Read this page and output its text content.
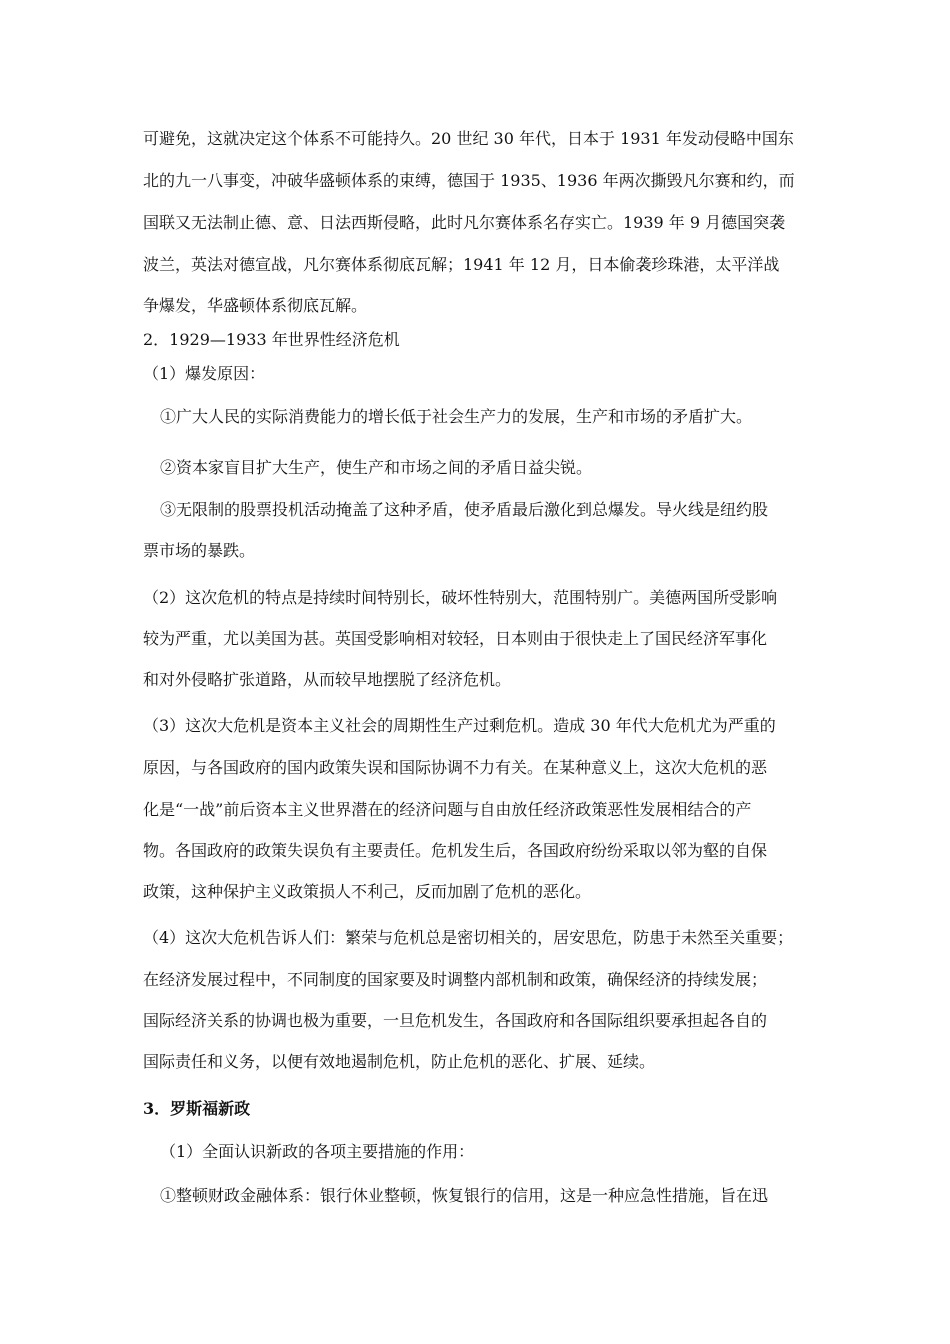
可避免，这就决定这个体系不可能持久。20 世纪 30 年代，日本于 1931 年发动侵略中国东
北的九一八事变，冲破华盛顿体系的束缚，德国于 1935、1936 年两次撕毁凡尔赛和约，而
国联又无法制止德、意、日法西斯侵略，此时凡尔赛体系名存实亡。1939 年 9 月德国突袭
波兰，英法对德宣战，凡尔赛体系彻底瓦解；1941 年 12 月，日本偷袭珍珠港，太平洋战
争爆发，华盛顿体系彻底瓦解。
2．1929—1933 年世界性经济危机
（1）爆发原因：
①广大人民的实际消费能力的增长低于社会生产力的发展，生产和市场的矛盾扩大。
②资本家盲目扩大生产，使生产和市场之间的矛盾日益尖锐。
③无限制的股票投机活动掩盖了这种矛盾，使矛盾最后激化到总爆发。导火线是纽约股
票市场的暴跌。
（2）这次危机的特点是持续时间特别长，破坏性特别大，范围特别广。美德两国所受影响
较为严重，尤以美国为甚。英国受影响相对较轻，日本则由于很快走上了国民经济军事化
和对外侵略扩张道路，从而较早地摆脱了经济危机。
（3）这次大危机是资本主义社会的周期性生产过剩危机。造成 30 年代大危机尤为严重的
原因，与各国政府的国内政策失误和国际协调不力有关。在某种意义上，这次大危机的恶
化是“一战”前后资本主义世界潜在的经济问题与自由放任经济政策恶性发展相结合的产
物。各国政府的政策失误负有主要责任。危机发生后，各国政府纷纷采取以邻为壑的自保
政策，这种保护主义政策损人不利己，反而加剧了危机的恶化。
（4）这次大危机告诉人们：繁荣与危机总是密切相关的，居安思危，防患于未然至关重要；
在经济发展过程中，不同制度的国家要及时调整内部机制和政策，确保经济的持续发展；
国际经济关系的协调也极为重要，一旦危机发生，各国政府和各国际组织要承担起各自的
国际责任和义务，以便有效地遏制危机，防止危机的恶化、扩展、延续。
3．罗斯福新政
（1）全面认识新政的各项主要措施的作用：
①整顿财政金融体系：银行休业整顿，恢复银行的信用，这是一种应急性措施，旨在迅
